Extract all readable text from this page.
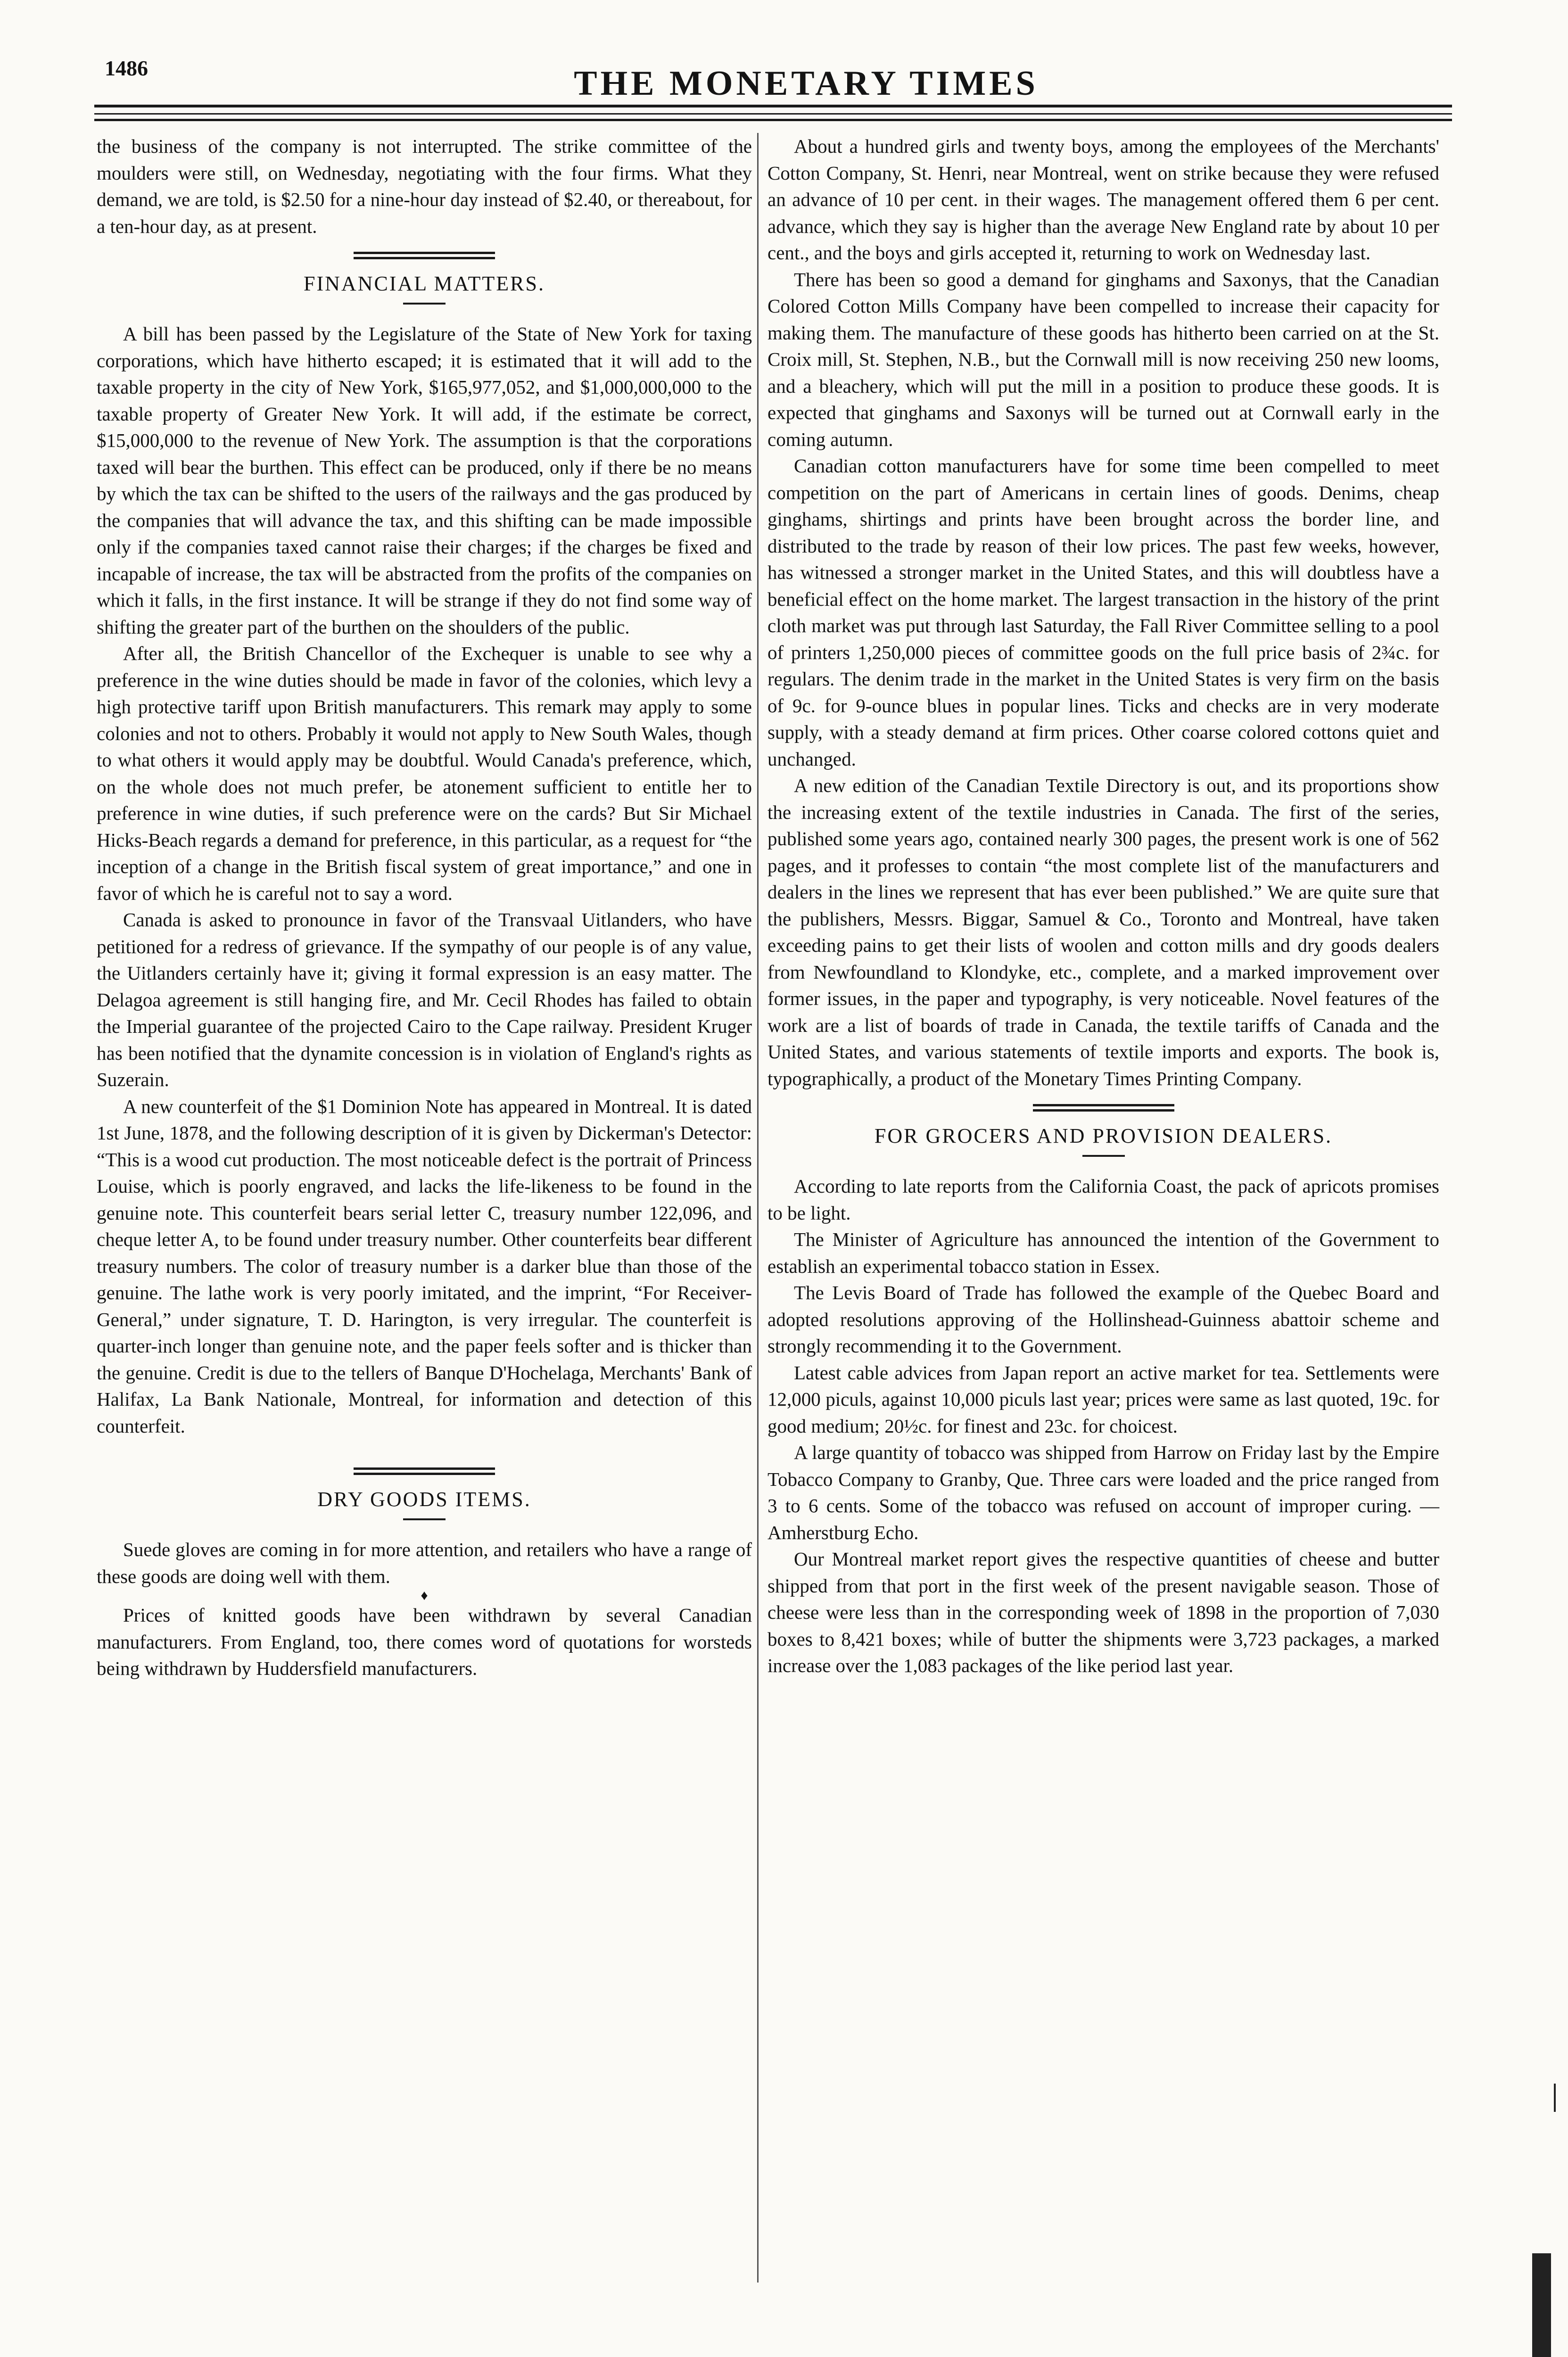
1486	THE MONETARY TIMES

the business of the company is not interrupted. The strike committee of the moulders were still, on Wednesday, negotiating with the four firms. What they demand, we are told, is $2.50 for a nine-hour day instead of $2.40, or thereabout, for a ten-hour day, as at present.

FINANCIAL MATTERS.

A bill has been passed by the Legislature of the State of New York for taxing corporations, which have hitherto escaped; it is estimated that it will add to the taxable property in the city of New York, $165,977,052, and $1,000,000,000 to the taxable property of Greater New York. It will add, if the estimate be correct, $15,000,000 to the revenue of New York. The assumption is that the corporations taxed will bear the burthen. This effect can be produced, only if there be no means by which the tax can be shifted to the users of the railways and the gas produced by the companies that will advance the tax, and this shifting can be made impossible only if the companies taxed cannot raise their charges; if the charges be fixed and incapable of increase, the tax will be abstracted from the profits of the companies on which it falls, in the first instance. It will be strange if they do not find some way of shifting the greater part of the burthen on the shoulders of the public.

After all, the British Chancellor of the Exchequer is unable to see why a preference in the wine duties should be made in favor of the colonies, which levy a high protective tariff upon British manufacturers. This remark may apply to some colonies and not to others. Probably it would not apply to New South Wales, though to what others it would apply may be doubtful. Would Canada's preference, which, on the whole does not much prefer, be atonement sufficient to entitle her to preference in wine duties, if such preference were on the cards? But Sir Michael Hicks-Beach regards a demand for preference, in this particular, as a request for “the inception of a change in the British fiscal system of great importance,” and one in favor of which he is careful not to say a word.

Canada is asked to pronounce in favor of the Transvaal Uitlanders, who have petitioned for a redress of grievance. If the sympathy of our people is of any value, the Uitlanders certainly have it; giving it formal expression is an easy matter. The Delagoa agreement is still hanging fire, and Mr. Cecil Rhodes has failed to obtain the Imperial guarantee of the projected Cairo to the Cape railway. President Kruger has been notified that the dynamite concession is in violation of England's rights as Suzerain.

A new counterfeit of the $1 Dominion Note has appeared in Montreal. It is dated 1st June, 1878, and the following description of it is given by Dickerman's Detector: “This is a wood cut production. The most noticeable defect is the portrait of Princess Louise, which is poorly engraved, and lacks the life-likeness to be found in the genuine note. This counterfeit bears serial letter C, treasury number 122,096, and cheque letter A, to be found under treasury number. Other counterfeits bear different treasury numbers. The color of treasury number is a darker blue than those of the genuine. The lathe work is very poorly imitated, and the imprint, “For Receiver-General,” under signature, T. D. Harington, is very irregular. The counterfeit is quarter-inch longer than genuine note, and the paper feels softer and is thicker than the genuine. Credit is due to the tellers of Banque D'Hochelaga, Merchants' Bank of Halifax, La Bank Nationale, Montreal, for information and detection of this counterfeit.

DRY GOODS ITEMS.

Suede gloves are coming in for more attention, and retailers who have a range of these goods are doing well with them.

♦

Prices of knitted goods have been withdrawn by several Canadian manufacturers. From England, too, there comes word of quotations for worsteds being withdrawn by Huddersfield manufacturers.

About a hundred girls and twenty boys, among the employees of the Merchants' Cotton Company, St. Henri, near Montreal, went on strike because they were refused an advance of 10 per cent. in their wages. The management offered them 6 per cent. advance, which they say is higher than the average New England rate by about 10 per cent., and the boys and girls accepted it, returning to work on Wednesday last.

There has been so good a demand for ginghams and Saxonys, that the Canadian Colored Cotton Mills Company have been compelled to increase their capacity for making them. The manufacture of these goods has hitherto been carried on at the St. Croix mill, St. Stephen, N.B., but the Cornwall mill is now receiving 250 new looms, and a bleachery, which will put the mill in a position to produce these goods. It is expected that ginghams and Saxonys will be turned out at Cornwall early in the coming autumn.

Canadian cotton manufacturers have for some time been compelled to meet competition on the part of Americans in certain lines of goods. Denims, cheap ginghams, shirtings and prints have been brought across the border line, and distributed to the trade by reason of their low prices. The past few weeks, however, has witnessed a stronger market in the United States, and this will doubtless have a beneficial effect on the home market. The largest transaction in the history of the print cloth market was put through last Saturday, the Fall River Committee selling to a pool of printers 1,250,000 pieces of committee goods on the full price basis of 2¾c. for regulars. The denim trade in the market in the United States is very firm on the basis of 9c. for 9-ounce blues in popular lines. Ticks and checks are in very moderate supply, with a steady demand at firm prices. Other coarse colored cottons quiet and unchanged.

A new edition of the Canadian Textile Directory is out, and its proportions show the increasing extent of the textile industries in Canada. The first of the series, published some years ago, contained nearly 300 pages, the present work is one of 562 pages, and it professes to contain “the most complete list of the manufacturers and dealers in the lines we represent that has ever been published.” We are quite sure that the publishers, Messrs. Biggar, Samuel & Co., Toronto and Montreal, have taken exceeding pains to get their lists of woolen and cotton mills and dry goods dealers from Newfoundland to Klondyke, etc., complete, and a marked improvement over former issues, in the paper and typography, is very noticeable. Novel features of the work are a list of boards of trade in Canada, the textile tariffs of Canada and the United States, and various statements of textile imports and exports. The book is, typographically, a product of the Monetary Times Printing Company.

FOR GROCERS AND PROVISION DEALERS.

According to late reports from the California Coast, the pack of apricots promises to be light.

The Minister of Agriculture has announced the intention of the Government to establish an experimental tobacco station in Essex.

The Levis Board of Trade has followed the example of the Quebec Board and adopted resolutions approving of the Hollinshead-Guinness abattoir scheme and strongly recommending it to the Government.

Latest cable advices from Japan report an active market for tea. Settlements were 12,000 piculs, against 10,000 piculs last year; prices were same as last quoted, 19c. for good medium; 20½c. for finest and 23c. for choicest.

A large quantity of tobacco was shipped from Harrow on Friday last by the Empire Tobacco Company to Granby, Que. Three cars were loaded and the price ranged from 3 to 6 cents. Some of the tobacco was refused on account of improper curing. —Amherstburg Echo.

Our Montreal market report gives the respective quantities of cheese and butter shipped from that port in the first week of the present navigable season. Those of cheese were less than in the corresponding week of 1898 in the proportion of 7,030 boxes to 8,421 boxes; while of butter the shipments were 3,723 packages, a marked increase over the 1,083 packages of the like period last year.
